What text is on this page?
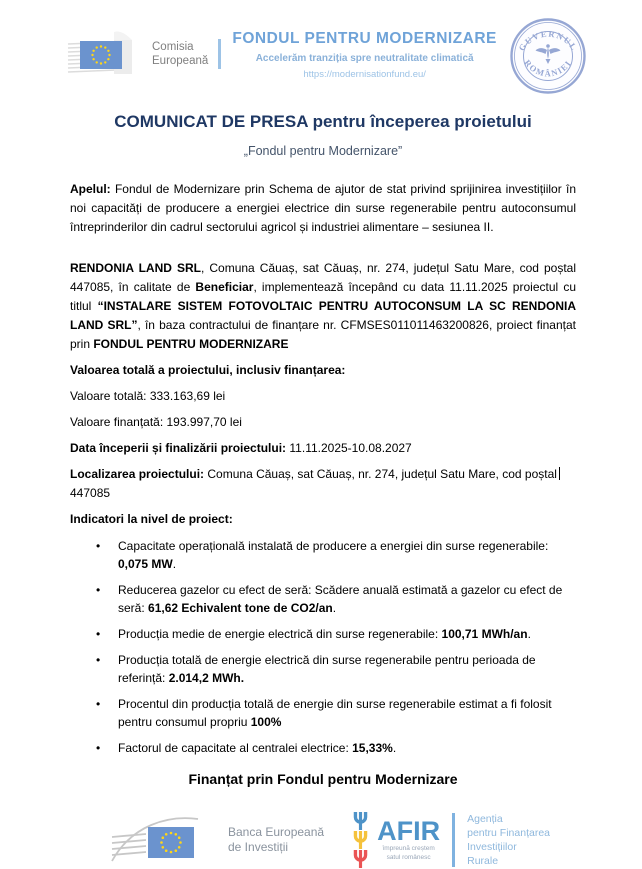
Comisia
Europeană
FONDUL PENTRU MODERNIZARE
Accelerăm tranziția spre neutralitate climatică
https://modernisationfund.eu/
GUVERNUL
ROMÂNIEI
COMUNICAT DE PRESA pentru începerea proietului
„Fondul pentru Modernizare”

Apelul: Fondul de Modernizare prin Schema de ajutor de stat privind sprijinirea investițiilor în noi capacități de producere a energiei electrice din surse regenerabile pentru autoconsumul întreprinderilor din cadrul sectorului agricol și industriei alimentare – sesiunea II.

RENDONIA LAND SRL, Comuna Căuaș, sat Căuaș, nr. 274, județul Satu Mare, cod poștal 447085, în calitate de Beneficiar, implementează începând cu data 11.11.2025 proiectul cu titlul “INSTALARE SISTEM FOTOVOLTAIC PENTRU AUTOCONSUM LA SC RENDONIA LAND SRL”, în baza contractului de finanțare nr. CFMSES011011463200826, proiect finanțat prin FONDUL PENTRU MODERNIZARE

Valoarea totală a proiectului, inclusiv finanțarea:

Valoare totală: 333.163,69 lei

Valoare finanțată: 193.997,70 lei

Data începerii și finalizării proiectului: 11.11.2025-10.08.2027

Localizarea proiectului: Comuna Căuaș, sat Căuaș, nr. 274, județul Satu Mare, cod poștal
447085

Indicatori la nivel de proiect:

• Capacitate operațională instalată de producere a energiei din surse regenerabile: 0,075 MW.
• Reducerea gazelor cu efect de seră: Scădere anuală estimată a gazelor cu efect de seră: 61,62 Echivalent tone de CO2/an.
• Producția medie de energie electrică din surse regenerabile: 100,71 MWh/an.
• Producția totală de energie electrică din surse regenerabile pentru perioada de referință: 2.014,2 MWh.
• Procentul din producția totală de energie din surse regenerabile estimat a fi folosit pentru consumul propriu 100%
• Factorul de capacitate al centralei electrice: 15,33%.
Finanțat prin Fondul pentru Modernizare
Banca Europeană
de Investiții
AFIR
împreună creștem
satul românesc
Agenția
pentru Finanțarea
Investițiilor
Rurale
